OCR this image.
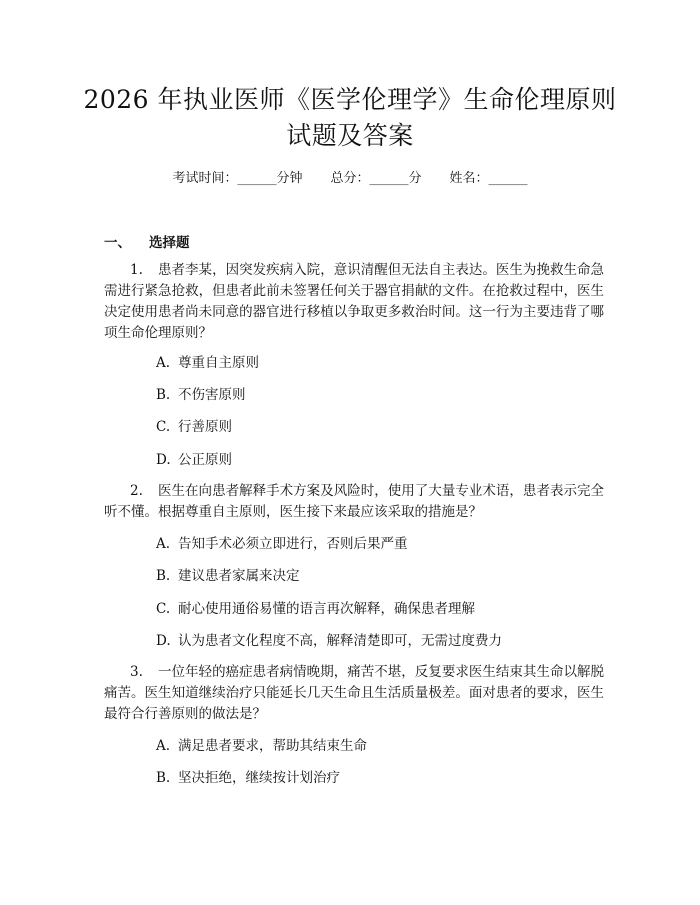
2026 年执业医师《医学伦理学》生命伦理原则试题及答案
考试时间：______分钟 总分：______分 姓名：______
一、 选择题
1. 患者李某，因突发疾病入院，意识清醒但无法自主表达。医生为挽救生命急需进行紧急抢救，但患者此前未签署任何关于器官捐献的文件。在抢救过程中，医生决定使用患者尚未同意的器官进行移植以争取更多救治时间。这一行为主要违背了哪项生命伦理原则？
A. 尊重自主原则
B. 不伤害原则
C. 行善原则
D. 公正原则
2. 医生在向患者解释手术方案及风险时，使用了大量专业术语，患者表示完全听不懂。根据尊重自主原则，医生接下来最应该采取的措施是？
A. 告知手术必须立即进行，否则后果严重
B. 建议患者家属来决定
C. 耐心使用通俗易懂的语言再次解释，确保患者理解
D. 认为患者文化程度不高，解释清楚即可，无需过度费力
3. 一位年轻的癌症患者病情晚期，痛苦不堪，反复要求医生结束其生命以解脱痛苦。医生知道继续治疗只能延长几天生命且生活质量极差。面对患者的要求，医生最符合行善原则的做法是？
A. 满足患者要求，帮助其结束生命
B. 坚决拒绝，继续按计划治疗
